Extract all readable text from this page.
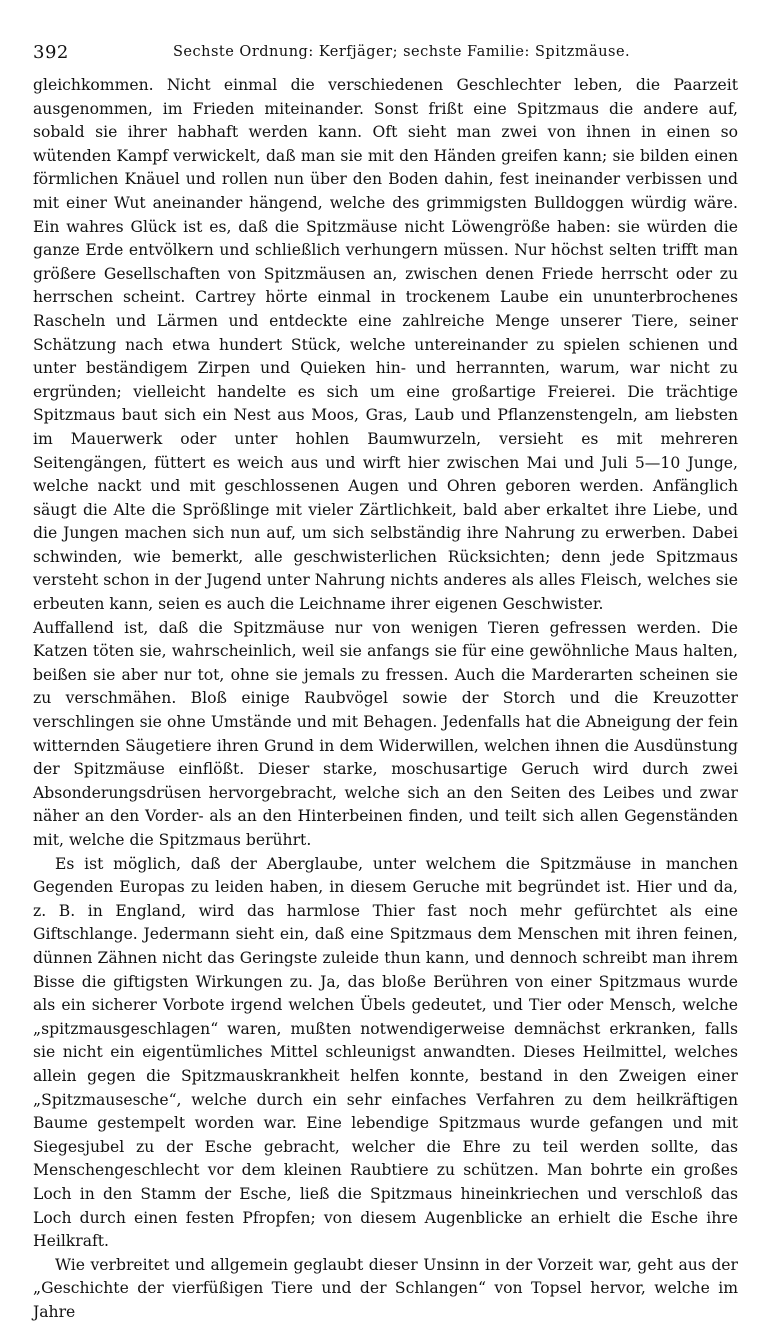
392	Sechste Ordnung: Kerfjäger; sechste Familie: Spitzmäuse.

gleichkommen. Nicht einmal die verschiedenen Geschlechter leben, die Paarzeit ausgenommen, im Frieden miteinander. Sonst frißt eine Spitzmaus die andere auf, sobald sie ihrer habhaft werden kann. Oft sieht man zwei von ihnen in einen so wütenden Kampf verwickelt, daß man sie mit den Händen greifen kann; sie bilden einen förmlichen Knäuel und rollen nun über den Boden dahin, fest ineinander verbissen und mit einer Wut aneinander hängend, welche des grimmigsten Bulldoggen würdig wäre. Ein wahres Glück ist es, daß die Spitzmäuse nicht Löwengröße haben: sie würden die ganze Erde entvölkern und schließlich verhungern müssen. Nur höchst selten trifft man größere Gesellschaften von Spitzmäusen an, zwischen denen Friede herrscht oder zu herrschen scheint. Cartrey hörte einmal in trockenem Laube ein ununterbrochenes Rascheln und Lärmen und entdeckte eine zahlreiche Menge unserer Tiere, seiner Schätzung nach etwa hundert Stück, welche untereinander zu spielen schienen und unter beständigem Zirpen und Quieken hin- und herrannten, warum, war nicht zu ergründen; vielleicht handelte es sich um eine großartige Freierei. Die trächtige Spitzmaus baut sich ein Nest aus Moos, Gras, Laub und Pflanzenstengeln, am liebsten im Mauerwerk oder unter hohlen Baumwurzeln, versieht es mit mehreren Seitengängen, füttert es weich aus und wirft hier zwischen Mai und Juli 5—10 Junge, welche nackt und mit geschlossenen Augen und Ohren geboren werden. Anfänglich säugt die Alte die Sprößlinge mit vieler Zärtlichkeit, bald aber erkaltet ihre Liebe, und die Jungen machen sich nun auf, um sich selbständig ihre Nahrung zu erwerben. Dabei schwinden, wie bemerkt, alle geschwisterlichen Rücksichten; denn jede Spitzmaus versteht schon in der Jugend unter Nahrung nichts anderes als alles Fleisch, welches sie erbeuten kann, seien es auch die Leichname ihrer eigenen Geschwister.

Auffallend ist, daß die Spitzmäuse nur von wenigen Tieren gefressen werden. Die Katzen töten sie, wahrscheinlich, weil sie anfangs sie für eine gewöhnliche Maus halten, beißen sie aber nur tot, ohne sie jemals zu fressen. Auch die Marderarten scheinen sie zu verschmähen. Bloß einige Raubvögel sowie der Storch und die Kreuzotter verschlingen sie ohne Umstände und mit Behagen. Jedenfalls hat die Abneigung der fein witternden Säugetiere ihren Grund in dem Widerwillen, welchen ihnen die Ausdünstung der Spitzmäuse einflößt. Dieser starke, moschusartige Geruch wird durch zwei Absonderungsdrüsen hervorgebracht, welche sich an den Seiten des Leibes und zwar näher an den Vorder- als an den Hinterbeinen finden, und teilt sich allen Gegenständen mit, welche die Spitzmaus berührt.

Es ist möglich, daß der Aberglaube, unter welchem die Spitzmäuse in manchen Gegenden Europas zu leiden haben, in diesem Geruche mit begründet ist. Hier und da, z. B. in England, wird das harmlose Thier fast noch mehr gefürchtet als eine Giftschlange. Jedermann sieht ein, daß eine Spitzmaus dem Menschen mit ihren feinen, dünnen Zähnen nicht das Geringste zuleide thun kann, und dennoch schreibt man ihrem Bisse die giftigsten Wirkungen zu. Ja, das bloße Berühren von einer Spitzmaus wurde als ein sicherer Vorbote irgend welchen Übels gedeutet, und Tier oder Mensch, welche „spitzmausgeschlagen“ waren, mußten notwendigerweise demnächst erkranken, falls sie nicht ein eigentümliches Mittel schleunigst anwandten. Dieses Heilmittel, welches allein gegen die Spitzmauskrankheit helfen konnte, bestand in den Zweigen einer „Spitzmausesche“, welche durch ein sehr einfaches Verfahren zu dem heilkräftigen Baume gestempelt worden war. Eine lebendige Spitzmaus wurde gefangen und mit Siegesjubel zu der Esche gebracht, welcher die Ehre zu teil werden sollte, das Menschengeschlecht vor dem kleinen Raubtiere zu schützen. Man bohrte ein großes Loch in den Stamm der Esche, ließ die Spitzmaus hineinkriechen und verschloß das Loch durch einen festen Pfropfen; von diesem Augenblicke an erhielt die Esche ihre Heilkraft.

Wie verbreitet und allgemein geglaubt dieser Unsinn in der Vorzeit war, geht aus der „Geschichte der vierfüßigen Tiere und der Schlangen“ von Topsel hervor, welche im Jahre
